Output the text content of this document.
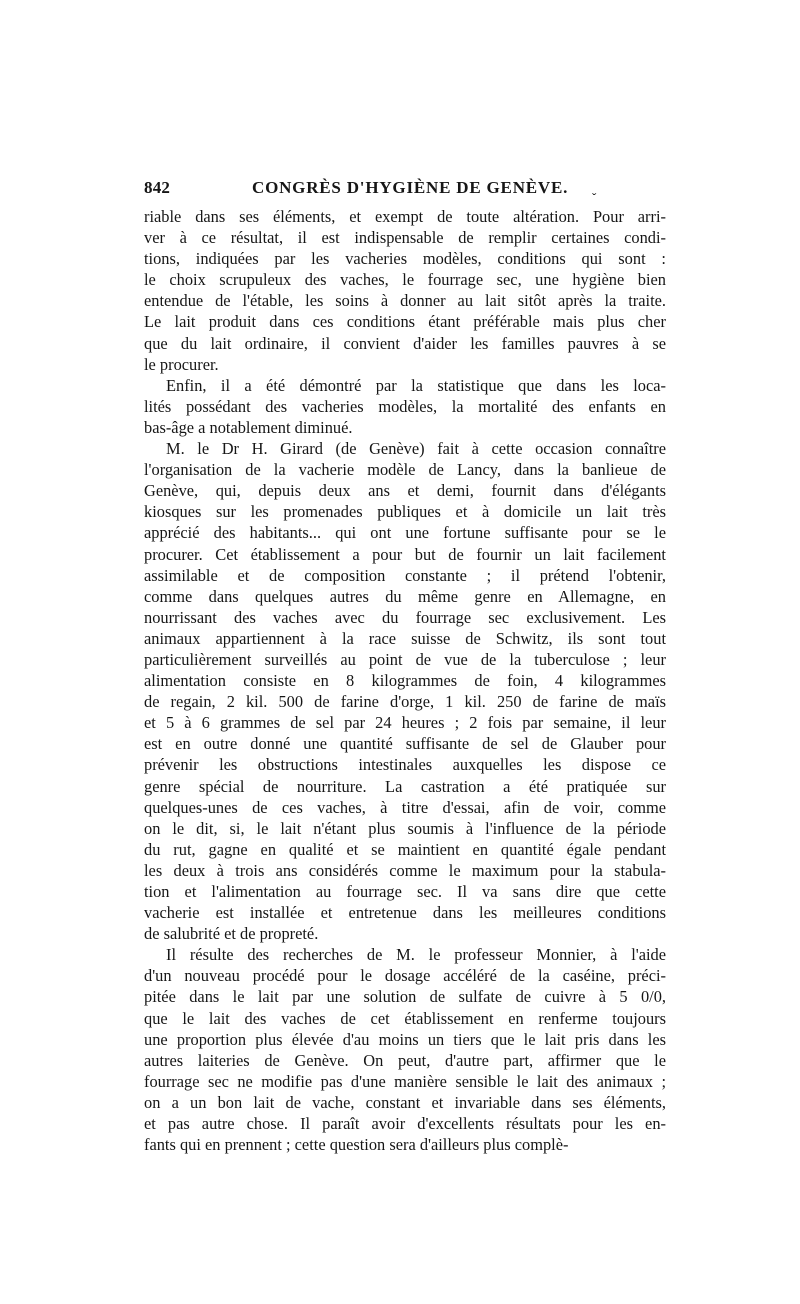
842	CONGRÈS D'HYGIÈNE DE GENÈVE. ˬ

riable dans ses éléments, et exempt de toute altération. Pour arri-
ver à ce résultat, il est indispensable de remplir certaines condi-
tions, indiquées par les vacheries modèles, conditions qui sont :
le choix scrupuleux des vaches, le fourrage sec, une hygiène bien
entendue de l'étable, les soins à donner au lait sitôt après la traite.
Le lait produit dans ces conditions étant préférable mais plus cher
que du lait ordinaire, il convient d'aider les familles pauvres à se
le procurer.

Enfin, il a été démontré par la statistique que dans les loca-
lités possédant des vacheries modèles, la mortalité des enfants en
bas-âge a notablement diminué.

M. le Dr H. Girard (de Genève) fait à cette occasion connaître
l'organisation de la vacherie modèle de Lancy, dans la banlieue de
Genève, qui, depuis deux ans et demi, fournit dans d'élégants
kiosques sur les promenades publiques et à domicile un lait très
apprécié des habitants... qui ont une fortune suffisante pour se le
procurer. Cet établissement a pour but de fournir un lait facilement
assimilable et de composition constante ; il prétend l'obtenir,
comme dans quelques autres du même genre en Allemagne, en
nourrissant des vaches avec du fourrage sec exclusivement. Les
animaux appartiennent à la race suisse de Schwitz, ils sont tout
particulièrement surveillés au point de vue de la tuberculose ; leur
alimentation consiste en 8 kilogrammes de foin, 4 kilogrammes
de regain, 2 kil. 500 de farine d'orge, 1 kil. 250 de farine de maïs
et 5 à 6 grammes de sel par 24 heures ; 2 fois par semaine, il leur
est en outre donné une quantité suffisante de sel de Glauber pour
prévenir les obstructions intestinales auxquelles les dispose ce
genre spécial de nourriture. La castration a été pratiquée sur
quelques-unes de ces vaches, à titre d'essai, afin de voir, comme
on le dit, si, le lait n'étant plus soumis à l'influence de la période
du rut, gagne en qualité et se maintient en quantité égale pendant
les deux à trois ans considérés comme le maximum pour la stabula-
tion et l'alimentation au fourrage sec. Il va sans dire que cette
vacherie est installée et entretenue dans les meilleures conditions
de salubrité et de propreté.

Il résulte des recherches de M. le professeur Monnier, à l'aide
d'un nouveau procédé pour le dosage accéléré de la caséine, préci-
pitée dans le lait par une solution de sulfate de cuivre à 5 0/0,
que le lait des vaches de cet établissement en renferme toujours
une proportion plus élevée d'au moins un tiers que le lait pris dans les
autres laiteries de Genève. On peut, d'autre part, affirmer que le
fourrage sec ne modifie pas d'une manière sensible le lait des animaux ;
on a un bon lait de vache, constant et invariable dans ses éléments,
et pas autre chose. Il paraît avoir d'excellents résultats pour les en-
fants qui en prennent ; cette question sera d'ailleurs plus complè-
